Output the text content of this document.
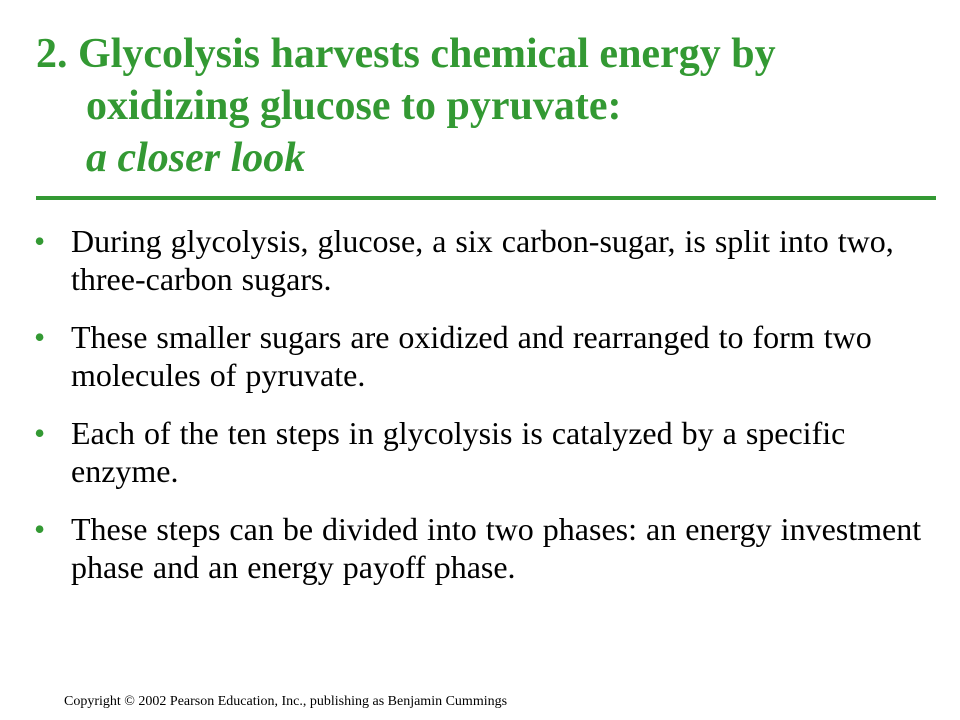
2. Glycolysis harvests chemical energy by
oxidizing glucose to pyruvate:
a closer look
• During glycolysis, glucose, a six carbon-sugar, is split into two, three-carbon sugars.
• These smaller sugars are oxidized and rearranged to form two molecules of pyruvate.
• Each of the ten steps in glycolysis is catalyzed by a specific enzyme.
• These steps can be divided into two phases: an energy investment phase and an energy payoff phase.
Copyright © 2002 Pearson Education, Inc., publishing as Benjamin Cummings
